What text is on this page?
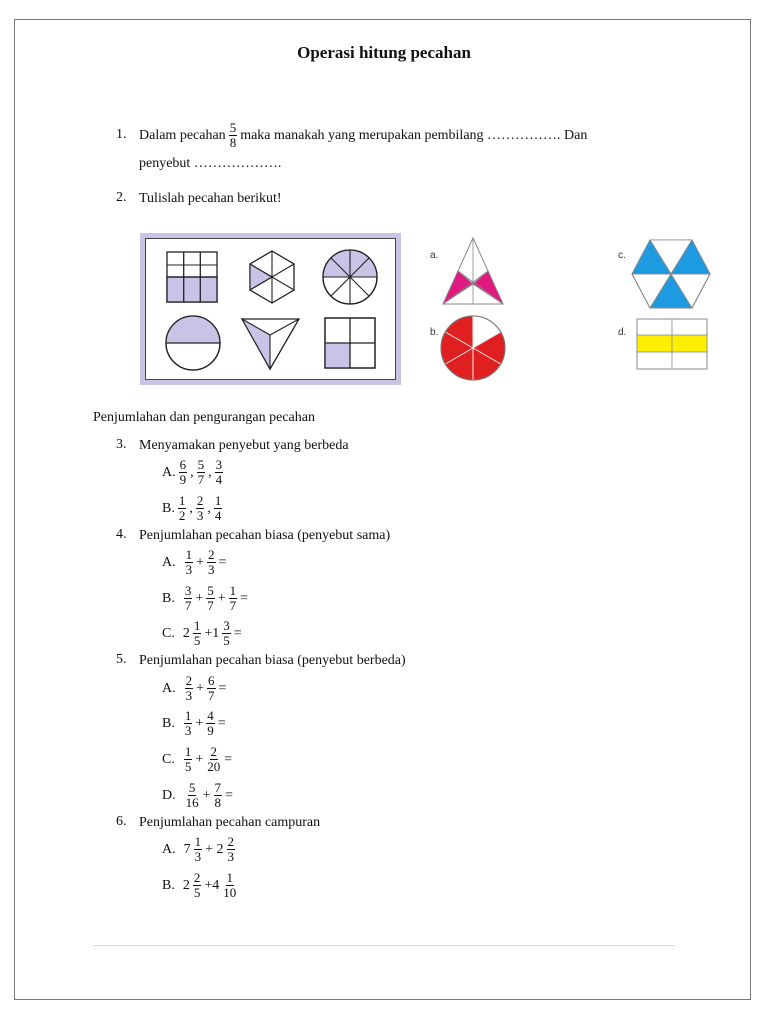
Operasi hitung pecahan
1. Dalam pecahan $\frac{5}{8}$ maka manakah yang merupakan pembilang ……………. Dan
penyebut ……………….
2. Tulislah pecahan berikut!
a.
b.
c.
d.
Penjumlahan dan pengurangan pecahan
3. Menyamakan penyebut yang berbeda
A. $\frac{6}{9}$ , $\frac{5}{7}$ , $\frac{3}{4}$
B. $\frac{1}{2}$ , $\frac{2}{3}$ , $\frac{1}{4}$
4. Penjumlahan pecahan biasa (penyebut sama)
A. $\frac{1}{3} + \frac{2}{3}$ =
B. $\frac{3}{7} + \frac{5}{7} + \frac{1}{7}$ =
C. $2 \frac{1}{5} +1 \frac{3}{5}$ =
5. Penjumlahan pecahan biasa (penyebut berbeda)
A. $\frac{2}{3} + \frac{6}{7}$ =
B. $\frac{1}{3} + \frac{4}{9}$ =
C. $\frac{1}{5} + \frac{2}{20}$ =
D. $\frac{5}{16} + \frac{7}{8}$ =
6. Penjumlahan pecahan campuran
A. $7 \frac{1}{3} + 2 \frac{2}{3}$
B. $2 \frac{2}{5} +4 \frac{1}{10}$
